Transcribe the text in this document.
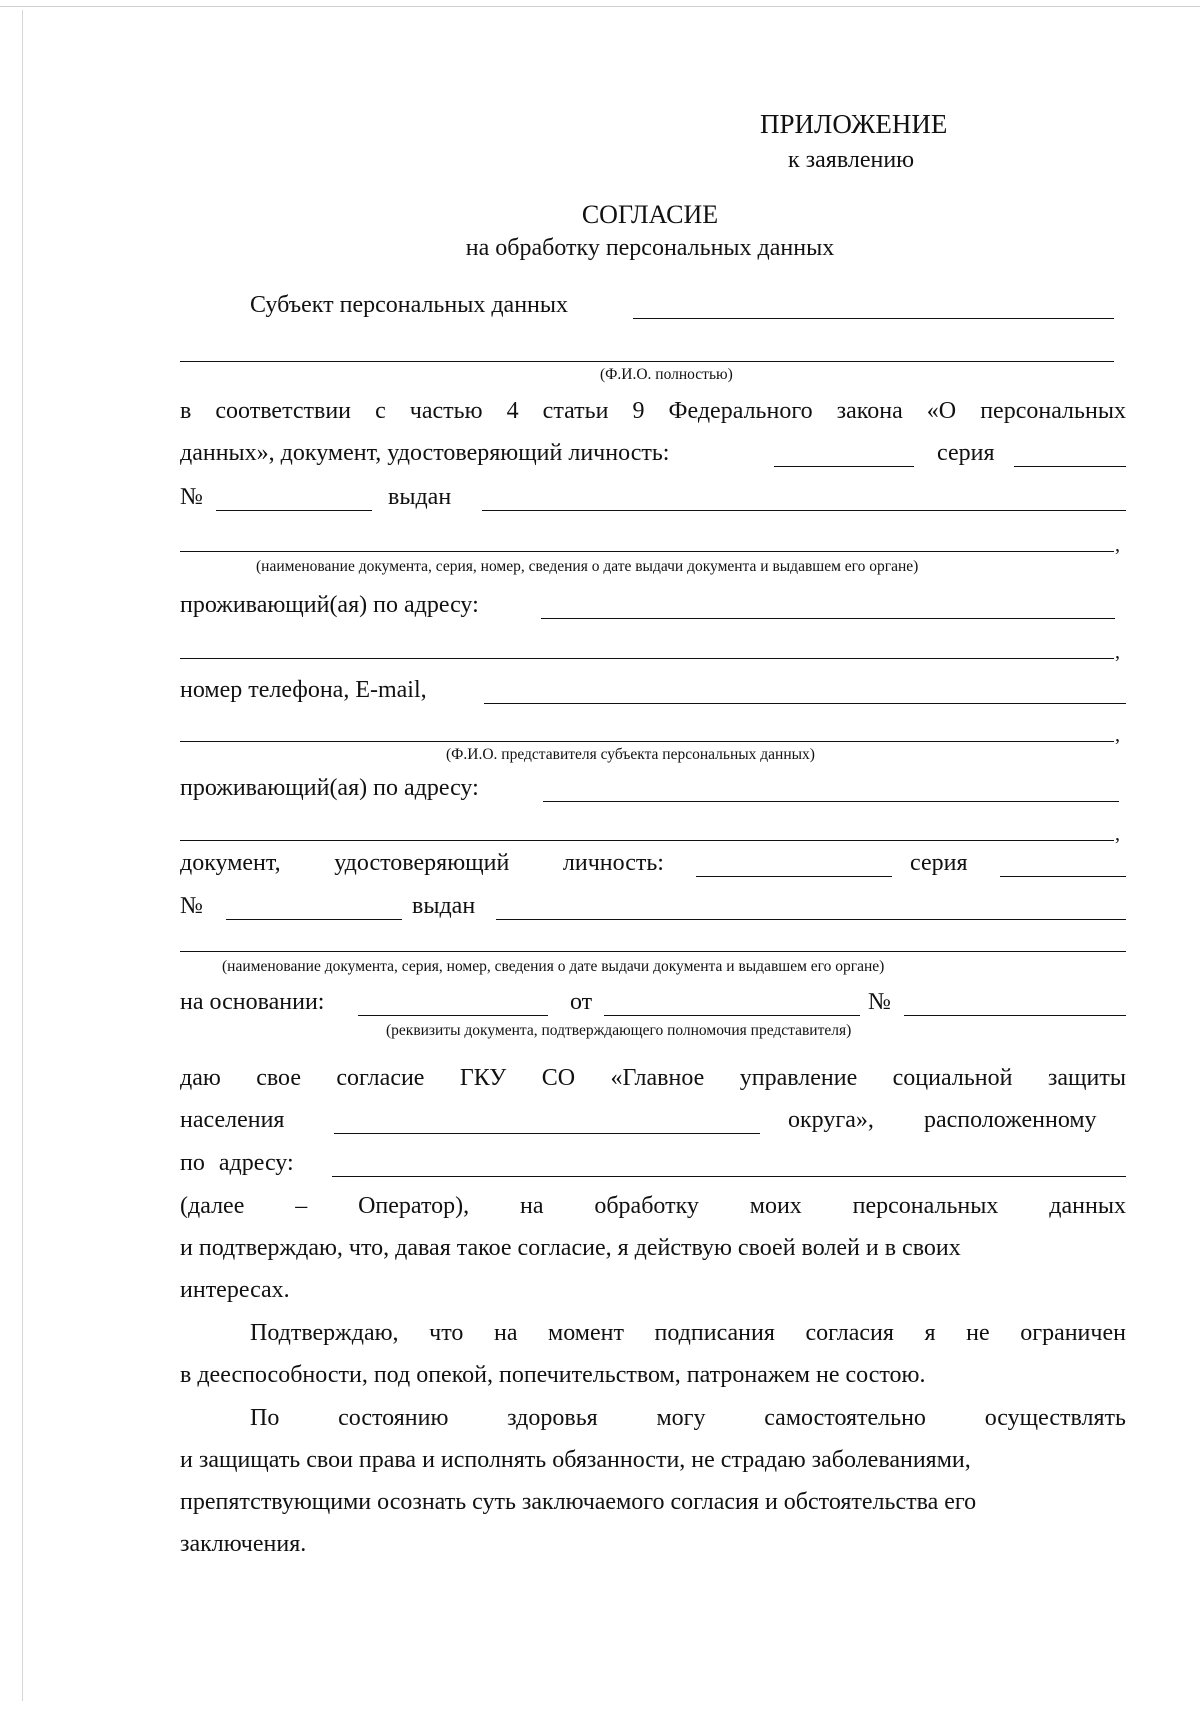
ПРИЛОЖЕНИЕ
к заявлению
СОГЛАСИЕ
на обработку персональных данных
Субъект персональных данных
(Ф.И.О. полностью)
в соответствии с частью 4 статьи 9 Федерального закона «О персональных
данных», документ, удостоверяющий личность:	серия
№	выдан
,
(наименование документа, серия, номер, сведения о дате выдачи документа и выдавшем его органе)
проживающий(ая) по адресу:
,
номер телефона, E-mail,
,
(Ф.И.О. представителя субъекта персональных данных)
проживающий(ая) по адресу:
,
документ, удостоверяющий личность:	серия
№	выдан
(наименование документа, серия, номер, сведения о дате выдачи документа и выдавшем его органе)
на основании:	от	№
(реквизиты документа, подтверждающего полномочия представителя)
даю свое согласие ГКУ СО «Главное управление социальной защиты
населения	округа», расположенному
по адресу:
(далее – Оператор), на обработку моих персональных данных
и подтверждаю, что, давая такое согласие, я действую своей волей и в своих
интересах.
Подтверждаю, что на момент подписания согласия я не ограничен
в дееспособности, под опекой, попечительством, патронажем не состою.
По состоянию здоровья могу самостоятельно осуществлять
и защищать свои права и исполнять обязанности, не страдаю заболеваниями,
препятствующими осознать суть заключаемого согласия и обстоятельства его
заключения.
